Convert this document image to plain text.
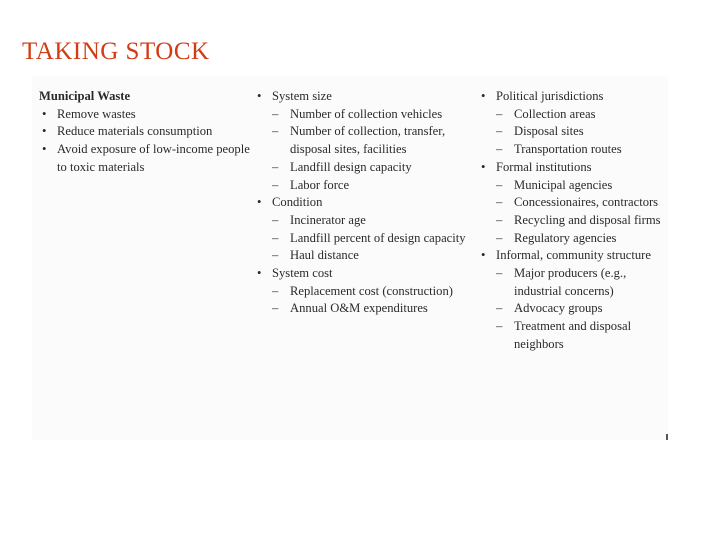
TAKING STOCK
Municipal Waste
• Remove wastes
• Reduce materials consumption
• Avoid exposure of low-income people to toxic materials
• System size
– Number of collection vehicles
– Number of collection, transfer, disposal sites, facilities
– Landfill design capacity
– Labor force
• Condition
– Incinerator age
– Landfill percent of design capacity
– Haul distance
• System cost
– Replacement cost (construction)
– Annual O&M expenditures
• Political jurisdictions
– Collection areas
– Disposal sites
– Transportation routes
• Formal institutions
– Municipal agencies
– Concessionaires, contractors
– Recycling and disposal firms
– Regulatory agencies
• Informal, community structure
– Major producers (e.g., industrial concerns)
– Advocacy groups
– Treatment and disposal neighbors
